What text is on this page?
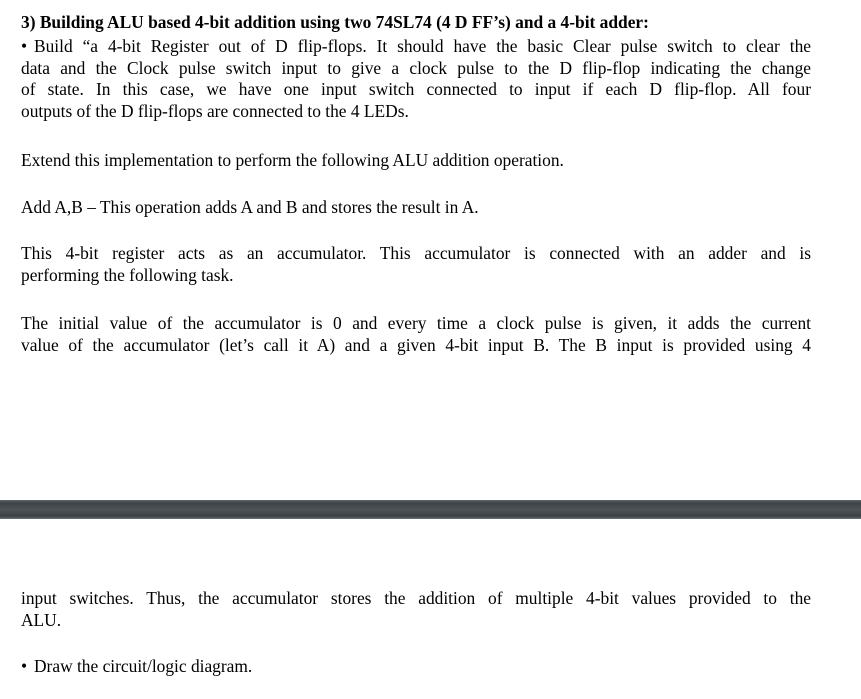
3) Building ALU based 4-bit addition using two 74SL74 (4 D FF’s) and a 4-bit adder:
• Build “a 4-bit Register out of D flip-flops. It should have the basic Clear pulse switch to clear the
data and the Clock pulse switch input to give a clock pulse to the D flip-flop indicating the change
of state. In this case, we have one input switch connected to input if each D flip-flop. All four
outputs of the D flip-flops are connected to the 4 LEDs.
Extend this implementation to perform the following ALU addition operation.
Add A,B – This operation adds A and B and stores the result in A.
This 4-bit register acts as an accumulator. This accumulator is connected with an adder and is
performing the following task.
The initial value of the accumulator is 0 and every time a clock pulse is given, it adds the current
value of the accumulator (let’s call it A) and a given 4-bit input B. The B input is provided using 4
input switches. Thus, the accumulator stores the addition of multiple 4-bit values provided to the
ALU.
• Draw the circuit/logic diagram.
